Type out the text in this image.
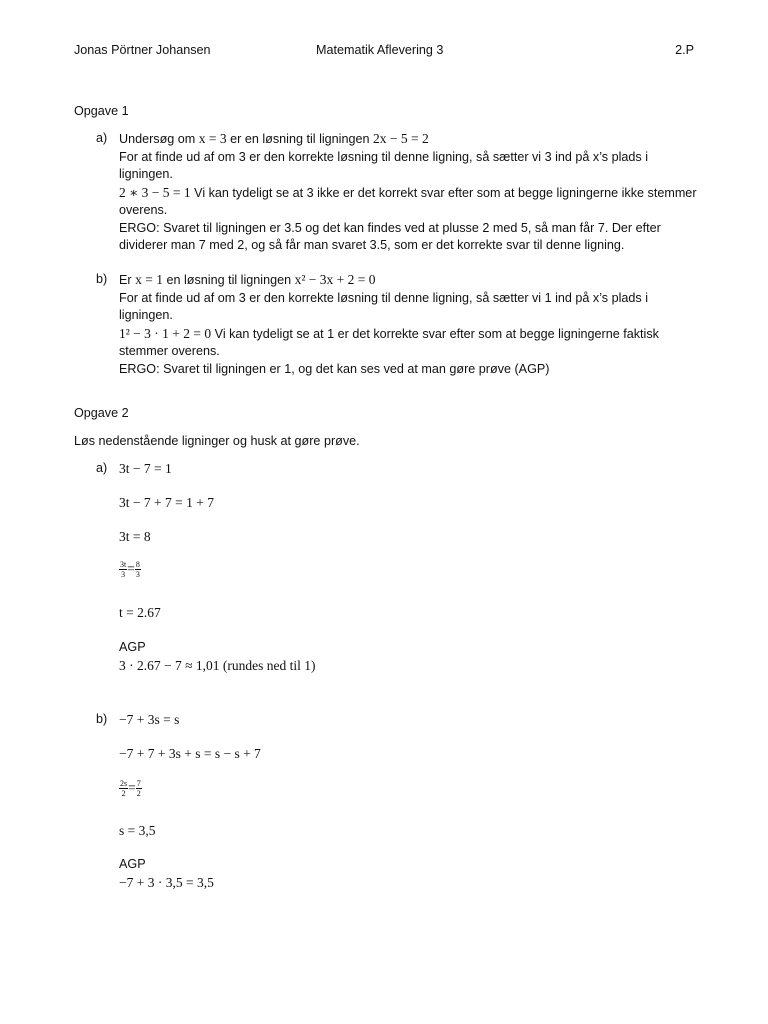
Jonas Pörtner Johansen	Matematik Aflevering 3	2.P
Opgave 1
a) Undersøg om x = 3 er en løsning til ligningen 2x − 5 = 2
For at finde ud af om 3 er den korrekte løsning til denne ligning, så sætter vi 3 ind på x’s plads i ligningen.
2 ∗ 3 − 5 = 1 Vi kan tydeligt se at 3 ikke er det korrekt svar efter som at begge ligningerne ikke stemmer overens.
ERGO: Svaret til ligningen er 3.5 og det kan findes ved at plusse 2 med 5, så man får 7. Der efter dividerer man 7 med 2, og så får man svaret 3.5, som er det korrekte svar til denne ligning.
b) Er x = 1 en løsning til ligningen x² − 3x + 2 = 0
For at finde ud af om 3 er den korrekte løsning til denne ligning, så sætter vi 1 ind på x’s plads i ligningen.
1² − 3 · 1 + 2 = 0 Vi kan tydeligt se at 1 er det korrekte svar efter som at begge ligningerne faktisk stemmer overens.
ERGO: Svaret til ligningen er 1, og det kan ses ved at man gøre prøve (AGP)
Opgave 2
Løs nedenstående ligninger og husk at gøre prøve.
a) 3t − 7 = 1
3t − 7 + 7 = 1 + 7
3t = 8
$\frac{3t}{3} = \frac{8}{3}$
t = 2.67
AGP
3 · 2.67 − 7 ≈ 1,01 (rundes ned til 1)
b) −7 + 3s = s
−7 + 7 + 3s + s = s − s + 7
$\frac{2s}{2} = \frac{7}{2}$
s = 3,5
AGP
−7 + 3 · 3,5 = 3,5
